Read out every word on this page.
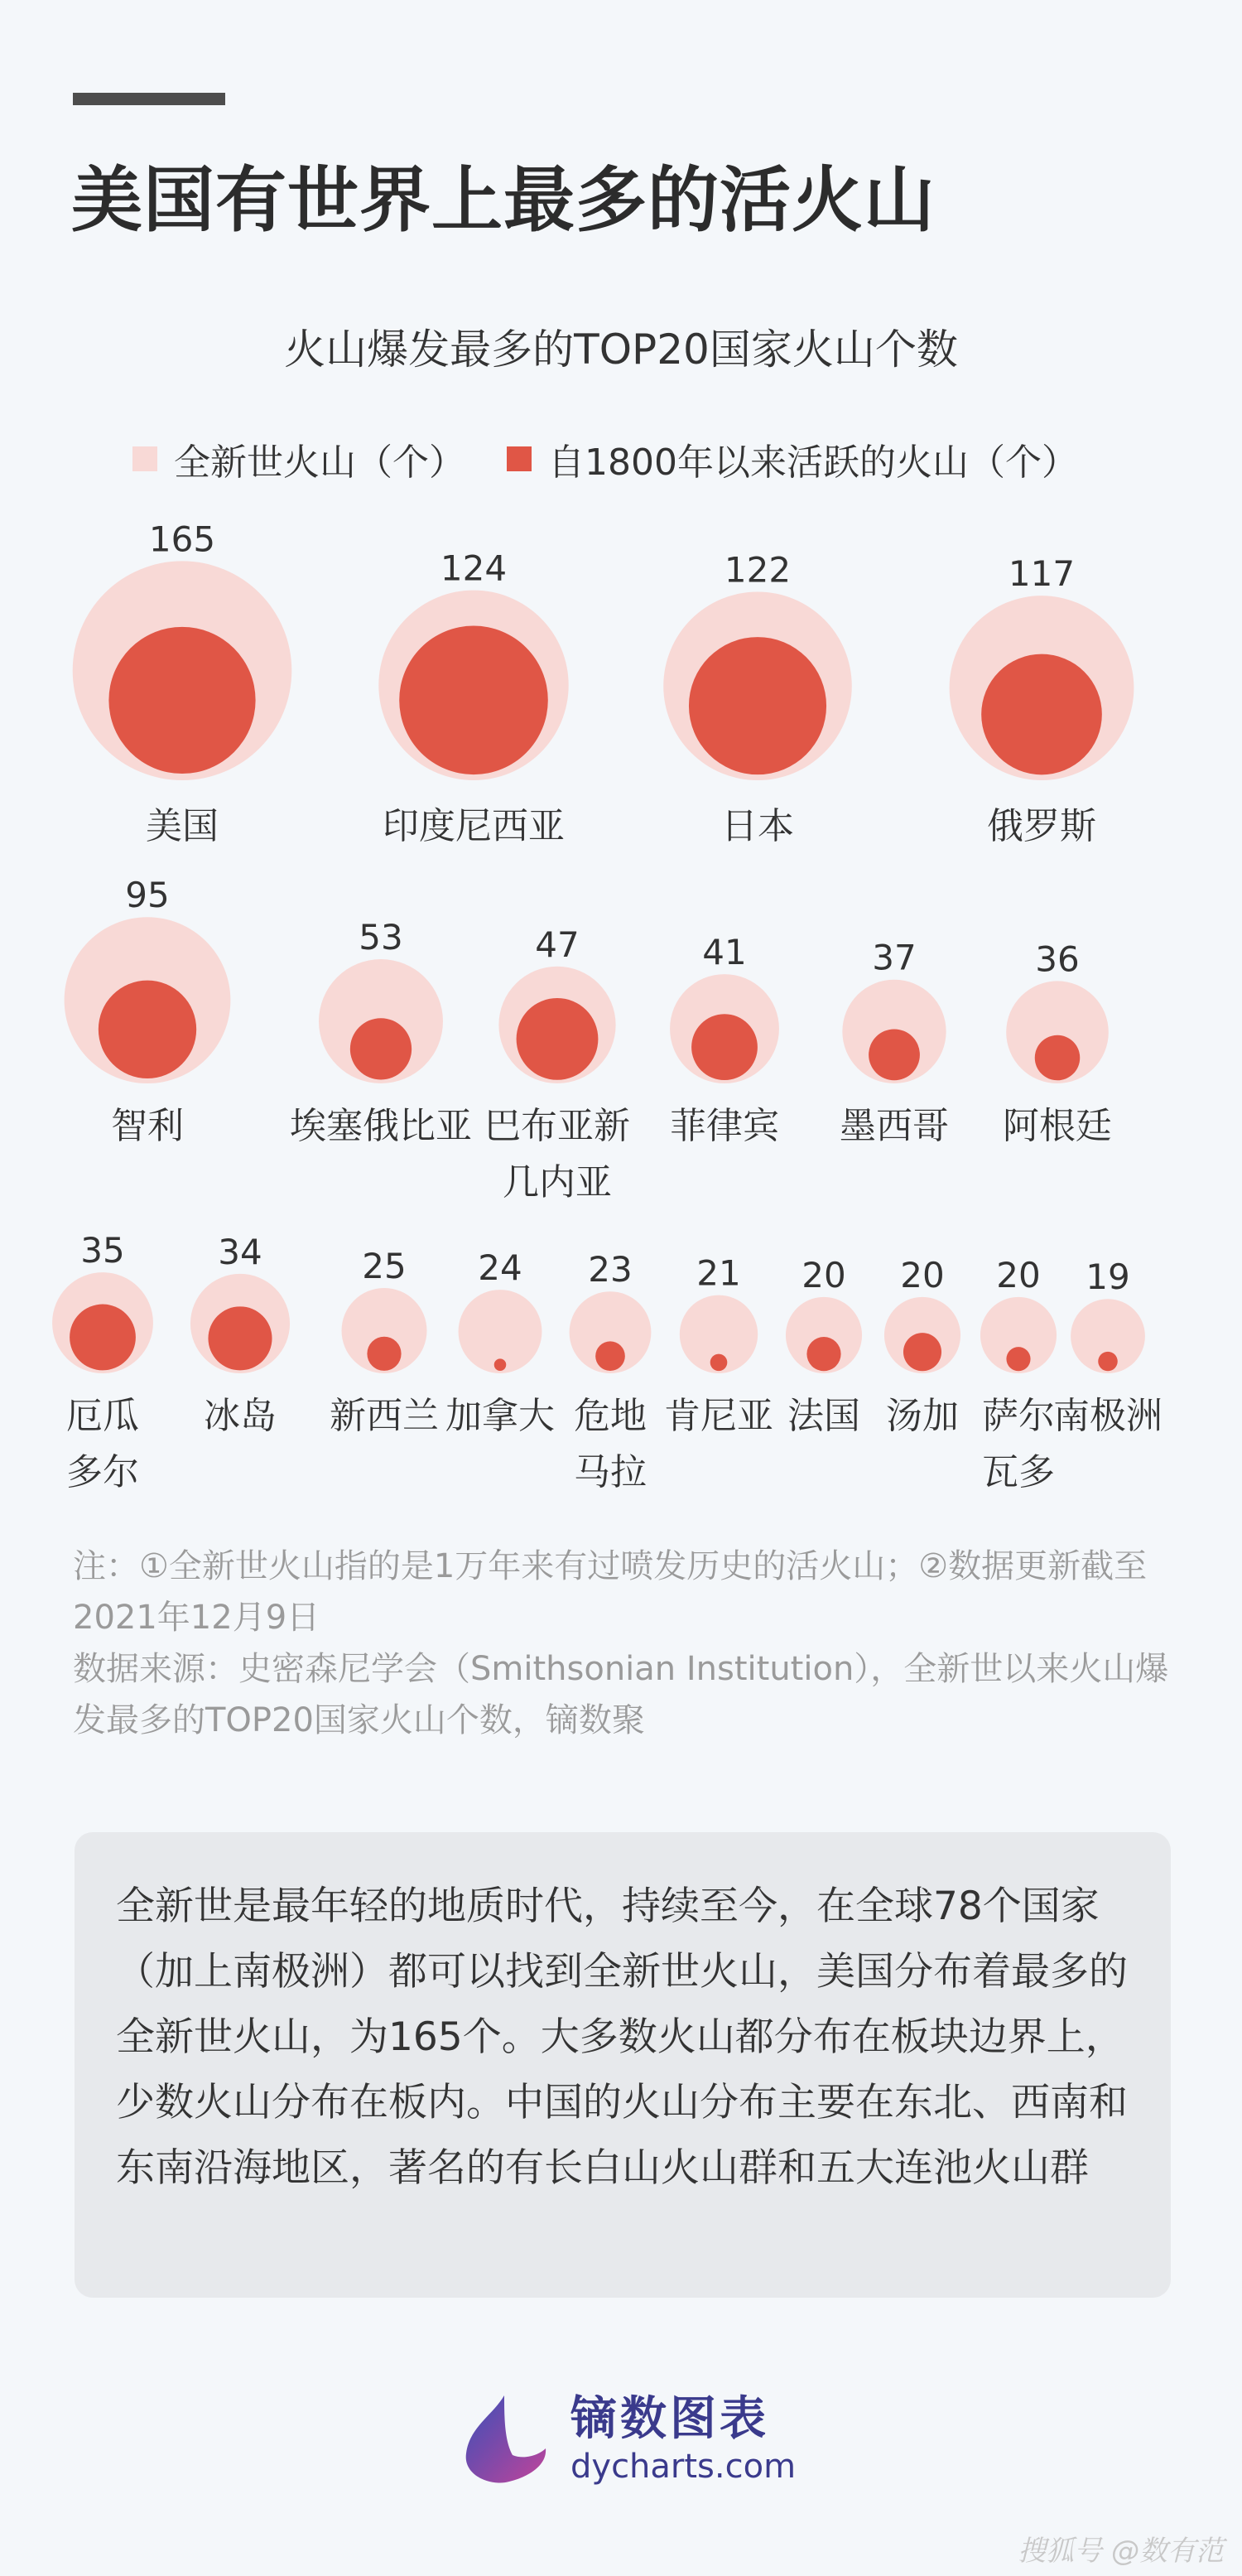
美国有世界上最多的活火山
火山爆发最多的TOP20国家火山个数
全新世火山（个） 自1800年以来活跃的火山（个）
165
美国
124
印度尼西亚
122
日本
117
俄罗斯
95
智利
53
埃塞俄比亚
47
巴布亚新
几内亚
41
菲律宾
37
墨西哥
36
阿根廷
35
厄瓜
多尔
34
冰岛
25
新西兰
24
加拿大
23
危地
马拉
21
肯尼亚
20
法国
20
汤加
20
萨尔
瓦多
19
南极洲

注：①全新世火山指的是1万年来有过喷发历史的活火山；②数据更新截至2021年12月9日

数据来源：史密森尼学会（Smithsonian Institution），全新世以来火山爆发最多的TOP20国家火山个数，镝数聚

全新世是最年轻的地质时代，持续至今，在全球78个国家（加上南极洲）都可以找到全新世火山，美国分布着最多的全新世火山，为165个。大多数火山都分布在板块边界上，少数火山分布在板内。中国的火山分布主要在东北、西南和东南沿海地区，著名的有长白山火山群和五大连池火山群

镝数图表
dycharts.com
搜狐号 @数有范
